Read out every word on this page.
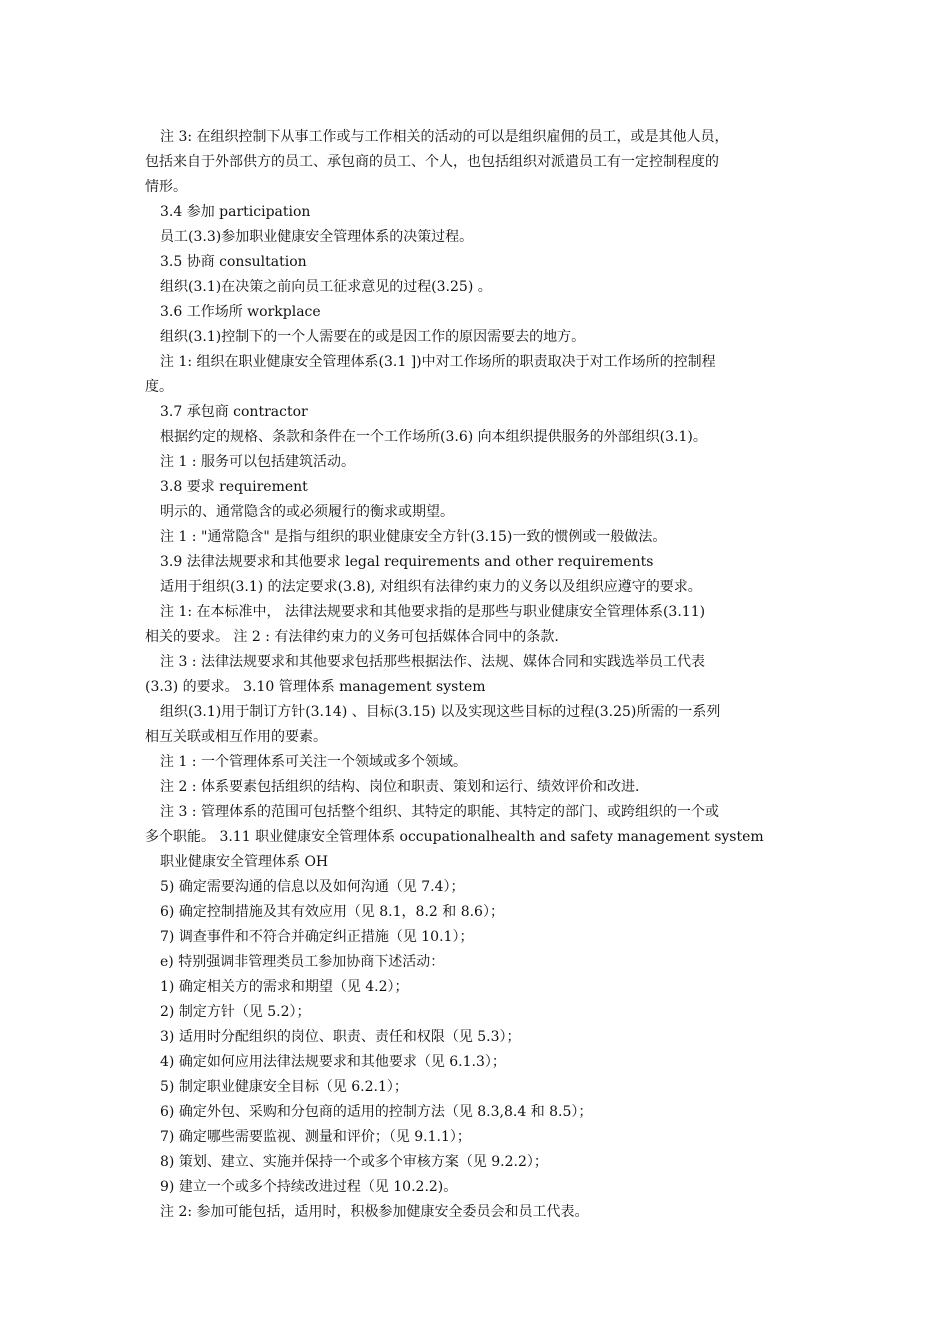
注 3: 在组织控制下从事工作或与工作相关的活动的可以是组织雇佣的员工，或是其他人员，
包括来自于外部供方的员工、承包商的员工、个人，也包括组织对派遣员工有一定控制程度的
情形。
3.4 参加 participation
员工(3.3)参加职业健康安全管理体系的决策过程。
3.5 协商 consultation
组织(3.1)在决策之前向员工征求意见的过程(3.25) 。
3.6 工作场所 workplace
组织(3.1)控制下的一个人需要在的或是因工作的原因需要去的地方。
注 1: 组织在职业健康安全管理体系(3.1 ])中对工作场所的职责取决于对工作场所的控制程
度。
3.7 承包商 contractor
根据约定的规格、条款和条件在一个工作场所(3.6) 向本组织提供服务的外部组织(3.1)。
注 1 : 服务可以包括建筑活动。
3.8 要求 requirement
明示的、通常隐含的或必须履行的衡求或期望。
注 1 : "通常隐含" 是指与组织的职业健康安全方针(3.15)一致的惯例或一般做法。
3.9 法律法规要求和其他要求 legal requirements and other requirements
适用于组织(3.1) 的法定要求(3.8), 对组织有法律约束力的义务以及组织应遵守的要求。
注 1: 在本标准中， 法律法规要求和其他要求指的是那些与职业健康安全管理体系(3.11)
相关的要求。 注 2 : 有法律约束力的义务可包括媒体合同中的条款.
注 3 : 法律法规要求和其他要求包括那些根据法作、法规、媒体合同和实践选举员工代表
(3.3) 的要求。 3.10 管理体系 management system
组织(3.1)用于制订方针(3.14) 、目标(3.15) 以及实现这些目标的过程(3.25)所需的一系列
相互关联或相互作用的要素。
注 1 : 一个管理体系可关注一个领域或多个领域。
注 2 : 体系要素包括组织的结构、岗位和职责、策划和运行、绩效评价和改进.
注 3 : 管理体系的范围可包括整个组织、其特定的职能、其特定的部门、或跨组织的一个或
多个职能。 3.11 职业健康安全管理体系 occupationalhealth and safety management system
职业健康安全管理体系 OH
5) 确定需要沟通的信息以及如何沟通（见 7.4）；
6) 确定控制措施及其有效应用（见 8.1，8.2 和 8.6）；
7) 调查事件和不符合并确定纠正措施（见 10.1）；
e) 特别强调非管理类员工参加协商下述活动：
1) 确定相关方的需求和期望（见 4.2）；
2) 制定方针（见 5.2）；
3) 适用时分配组织的岗位、职责、责任和权限（见 5.3）；
4) 确定如何应用法律法规要求和其他要求（见 6.1.3）；
5) 制定职业健康安全目标（见 6.2.1）；
6) 确定外包、采购和分包商的适用的控制方法（见 8.3,8.4 和 8.5）；
7) 确定哪些需要监视、测量和评价；（见 9.1.1）；
8) 策划、建立、实施并保持一个或多个审核方案（见 9.2.2）；
9) 建立一个或多个持续改进过程（见 10.2.2)。
注 2: 参加可能包括，适用时，积极参加健康安全委员会和员工代表。
